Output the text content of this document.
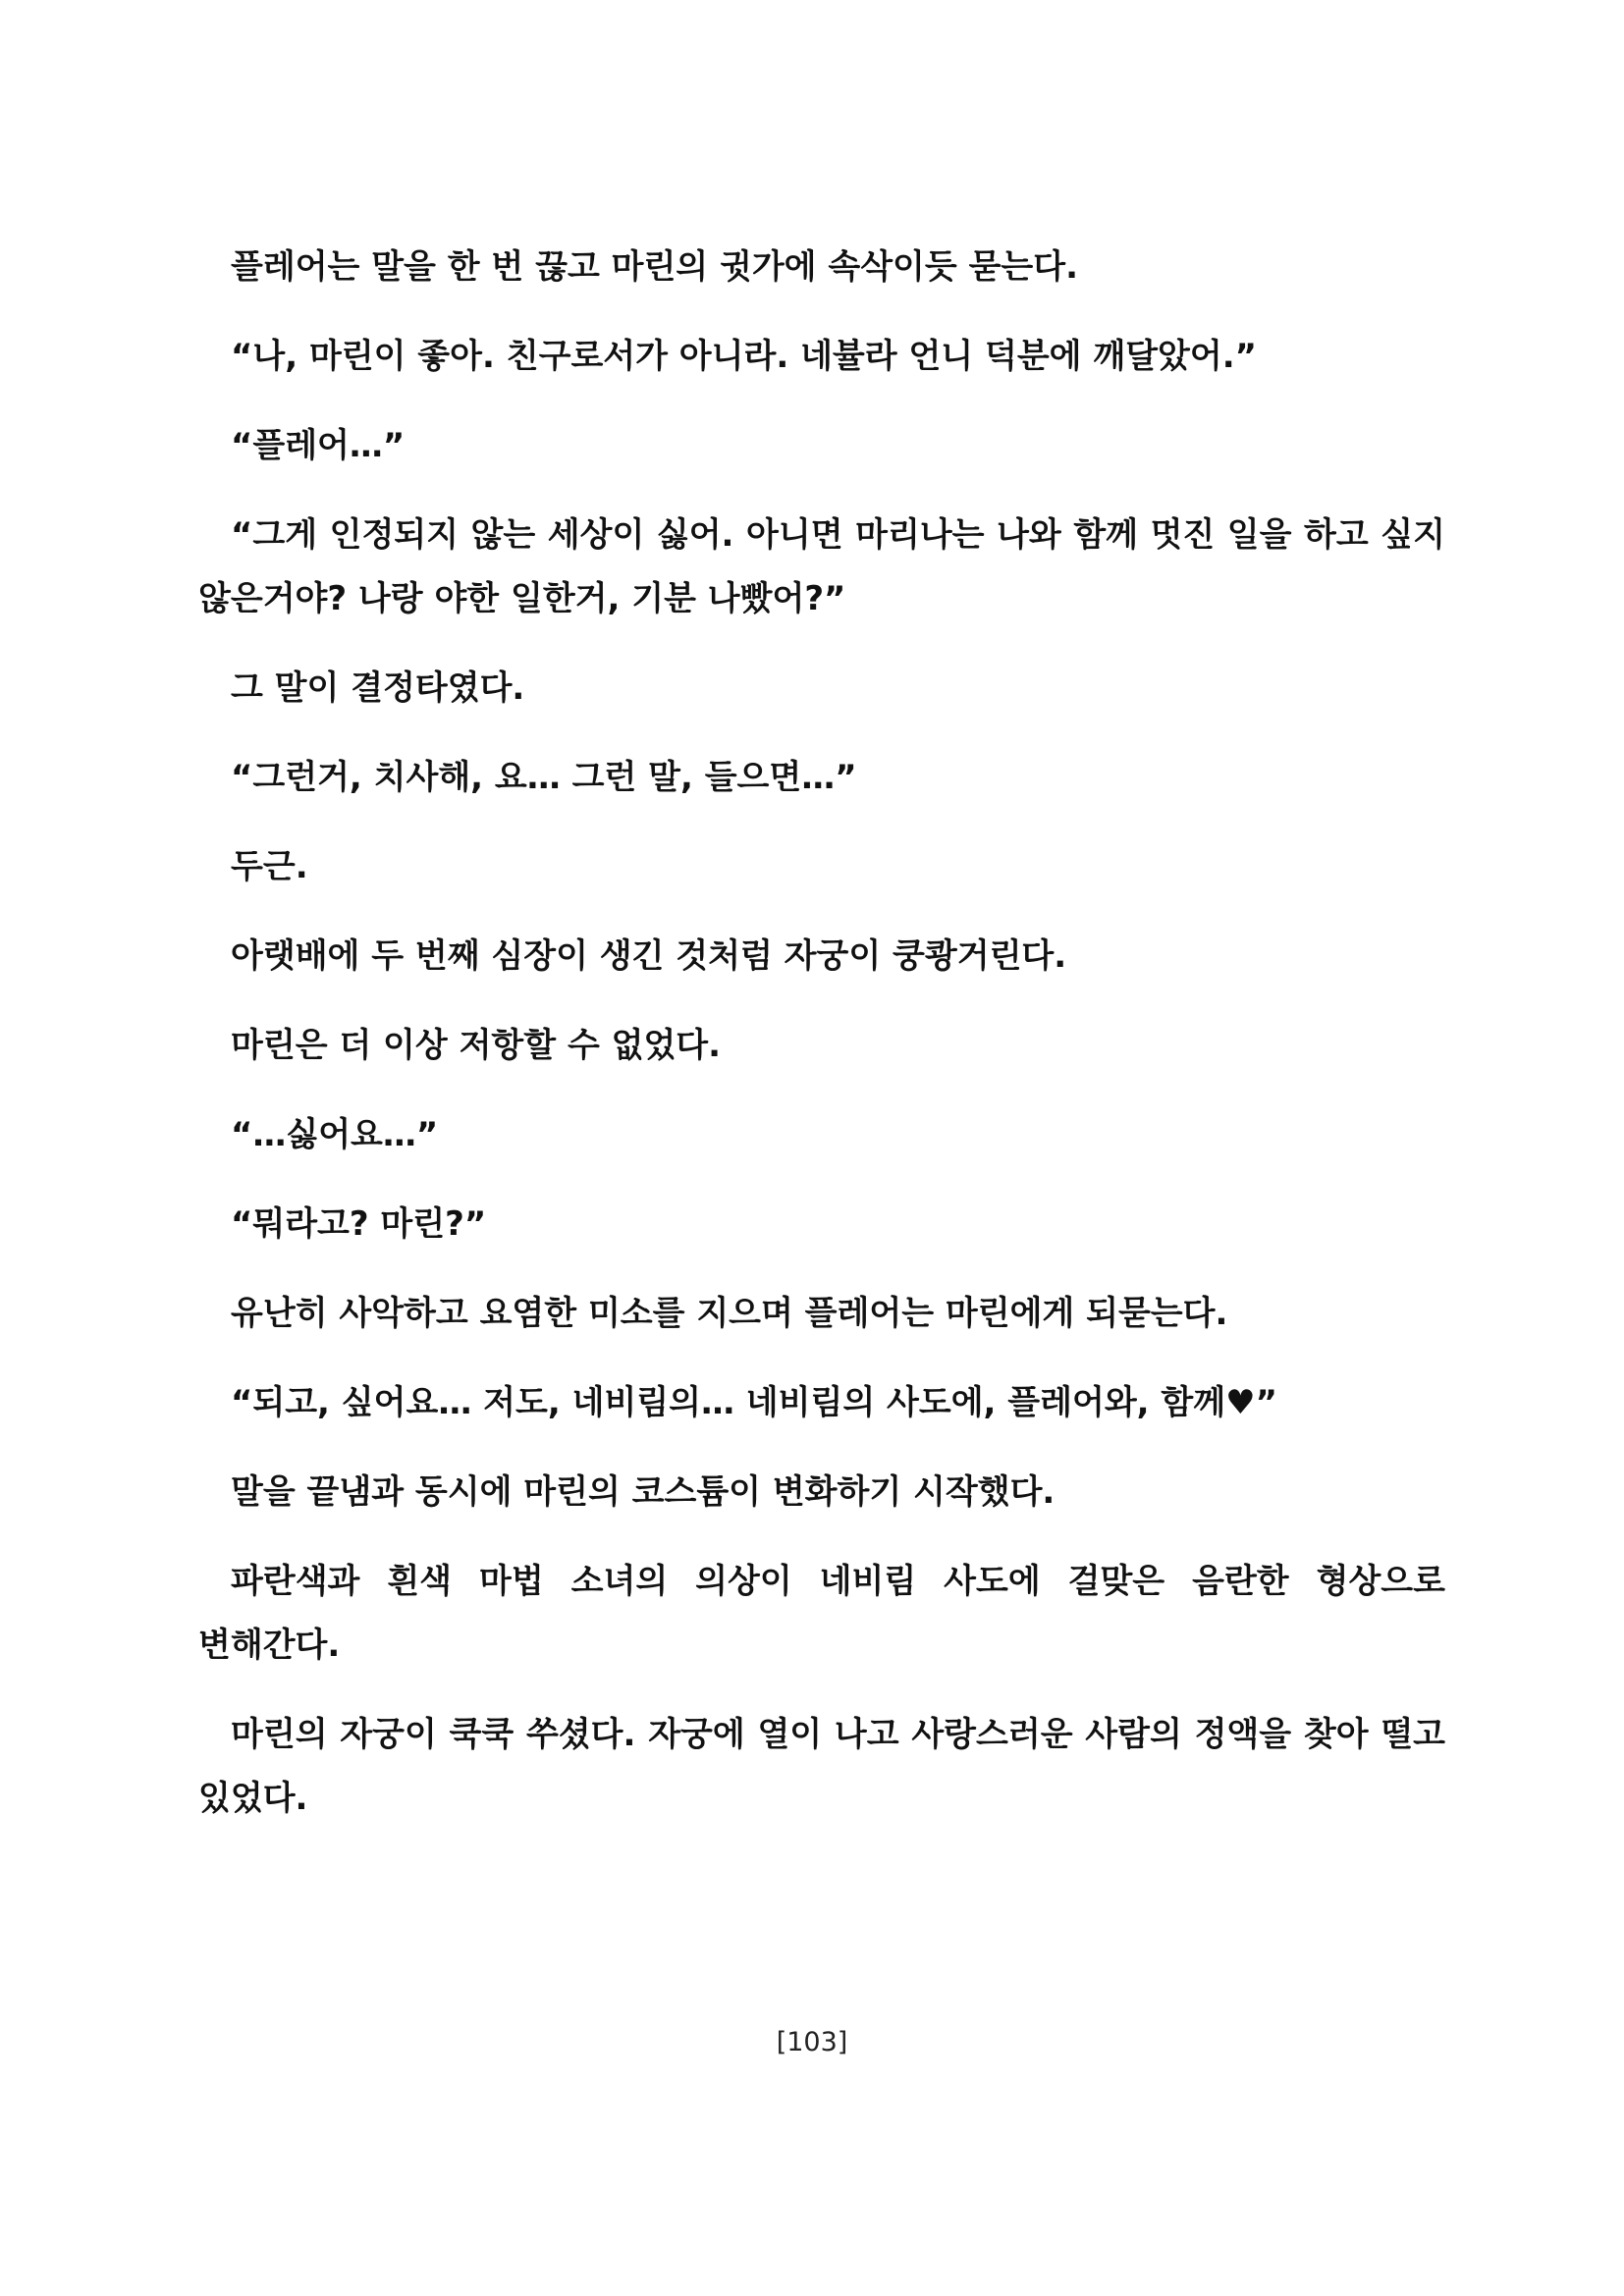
플레어는 말을 한 번 끊고 마린의 귓가에 속삭이듯 묻는다.

“나, 마린이 좋아. 친구로서가 아니라. 네뷸라 언니 덕분에 깨달았어.”

“플레어…”

“그게 인정되지 않는 세상이 싫어. 아니면 마리나는 나와 함께 멋진 일을 하고 싶지 않은거야? 나랑 야한 일한거, 기분 나빴어?”

그 말이 결정타였다.

“그런거, 치사해, 요… 그런 말, 들으면…”

두근.

아랫배에 두 번째 심장이 생긴 것처럼 자궁이 쿵쾅거린다.

마린은 더 이상 저항할 수 없었다.

“…싫어요…”

“뭐라고? 마린?”

유난히 사악하고 요염한 미소를 지으며 플레어는 마린에게 되묻는다.

“되고, 싶어요… 저도, 네비림의… 네비림의 사도에, 플레어와, 함께♥”

말을 끝냄과 동시에 마린의 코스튬이 변화하기 시작했다.

파란색과 흰색 마법 소녀의 의상이 네비림 사도에 걸맞은 음란한 형상으로 변해간다.

마린의 자궁이 쿡쿡 쑤셨다. 자궁에 열이 나고 사랑스러운 사람의 정액을 찾아 떨고 있었다.

[103]
